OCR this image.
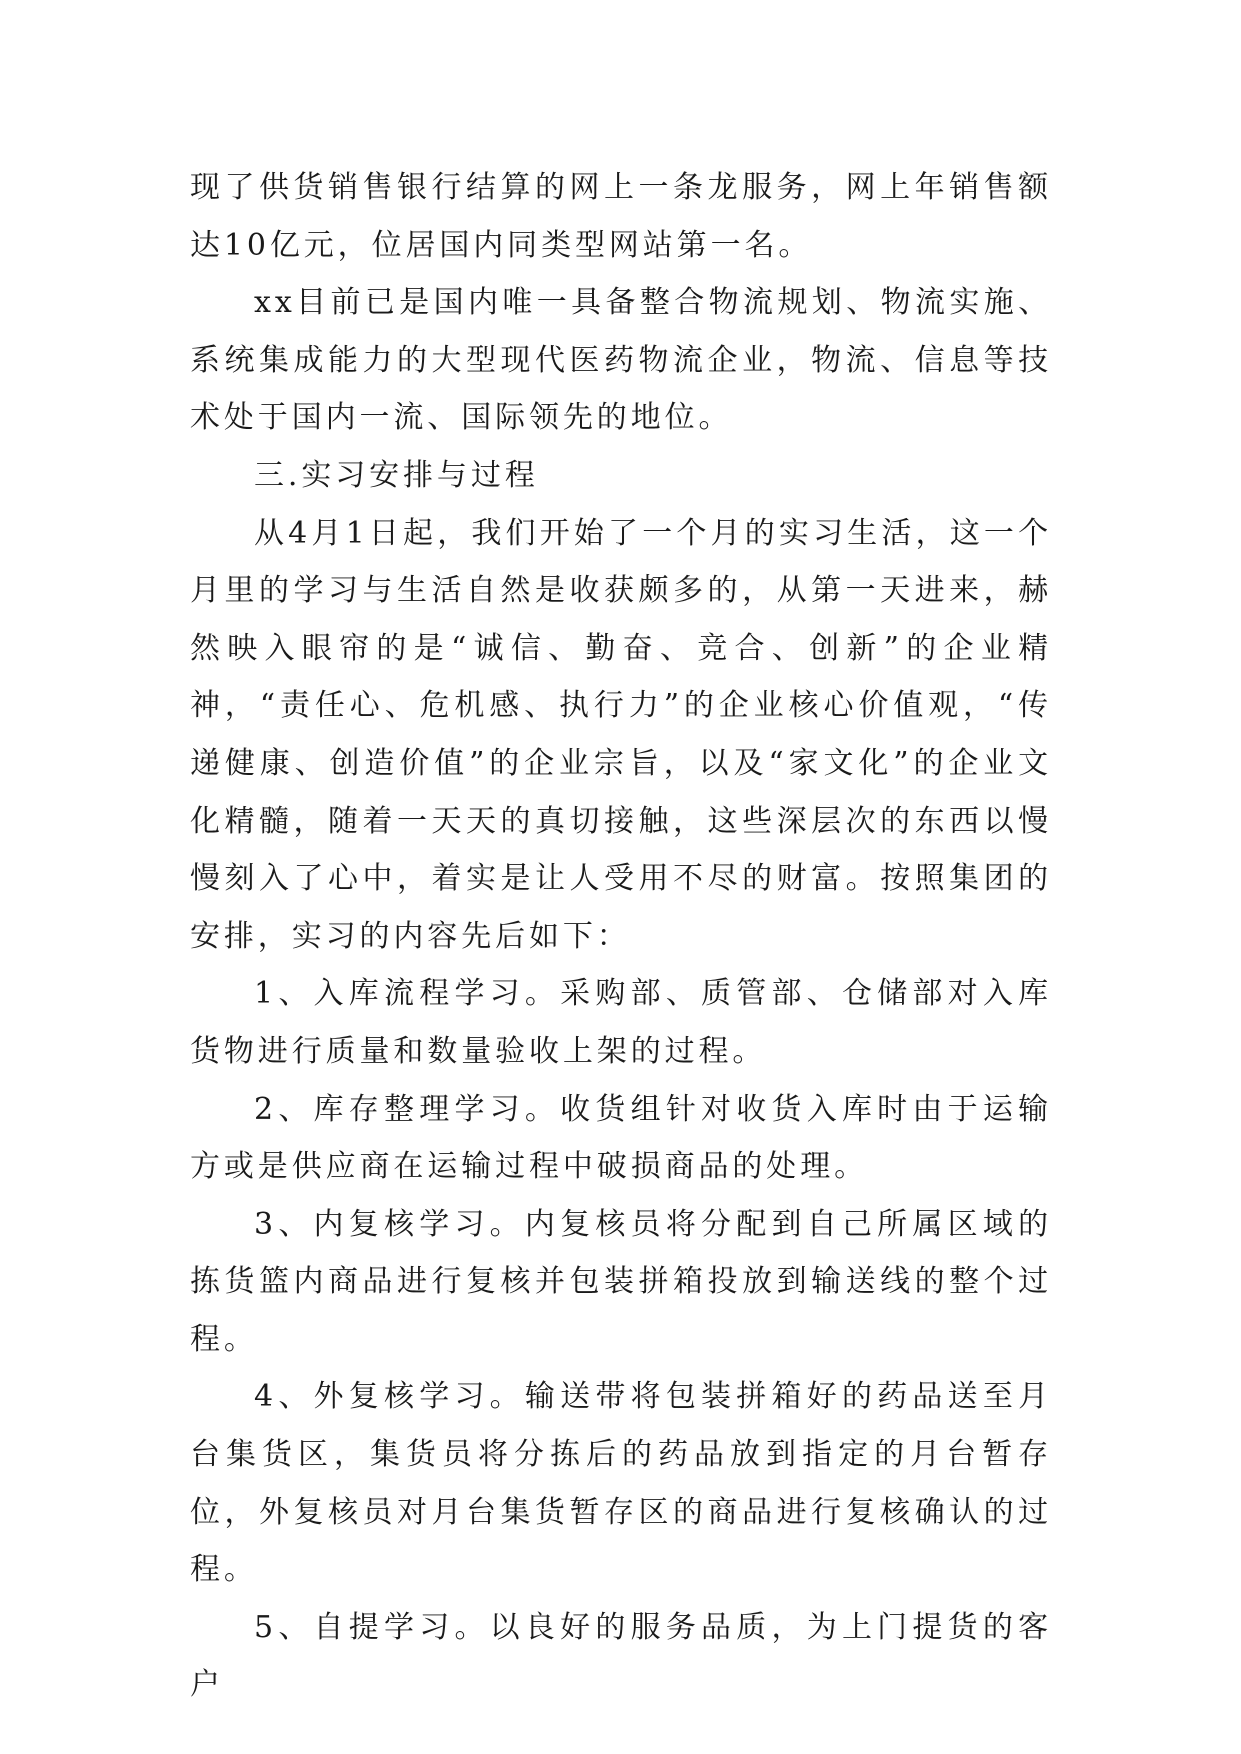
现了供货销售银行结算的网上一条龙服务，网上年销售额达10亿元，位居国内同类型网站第一名。

xx目前已是国内唯一具备整合物流规划、物流实施、系统集成能力的大型现代医药物流企业，物流、信息等技术处于国内一流、国际领先的地位。

三.实习安排与过程

从4月1日起，我们开始了一个月的实习生活，这一个月里的学习与生活自然是收获颇多的，从第一天进来，赫然映入眼帘的是“诚信、勤奋、竞合、创新”的企业精神，“责任心、危机感、执行力”的企业核心价值观，“传递健康、创造价值”的企业宗旨，以及“家文化”的企业文化精髓，随着一天天的真切接触，这些深层次的东西以慢慢刻入了心中，着实是让人受用不尽的财富。按照集团的安排，实习的内容先后如下：

1、入库流程学习。采购部、质管部、仓储部对入库货物进行质量和数量验收上架的过程。

2、库存整理学习。收货组针对收货入库时由于运输方或是供应商在运输过程中破损商品的处理。

3、内复核学习。内复核员将分配到自己所属区域的拣货篮内商品进行复核并包装拼箱投放到输送线的整个过程。

4、外复核学习。输送带将包装拼箱好的药品送至月台集货区，集货员将分拣后的药品放到指定的月台暂存位，外复核员对月台集货暂存区的商品进行复核确认的过程。

5、自提学习。以良好的服务品质，为上门提货的客户
